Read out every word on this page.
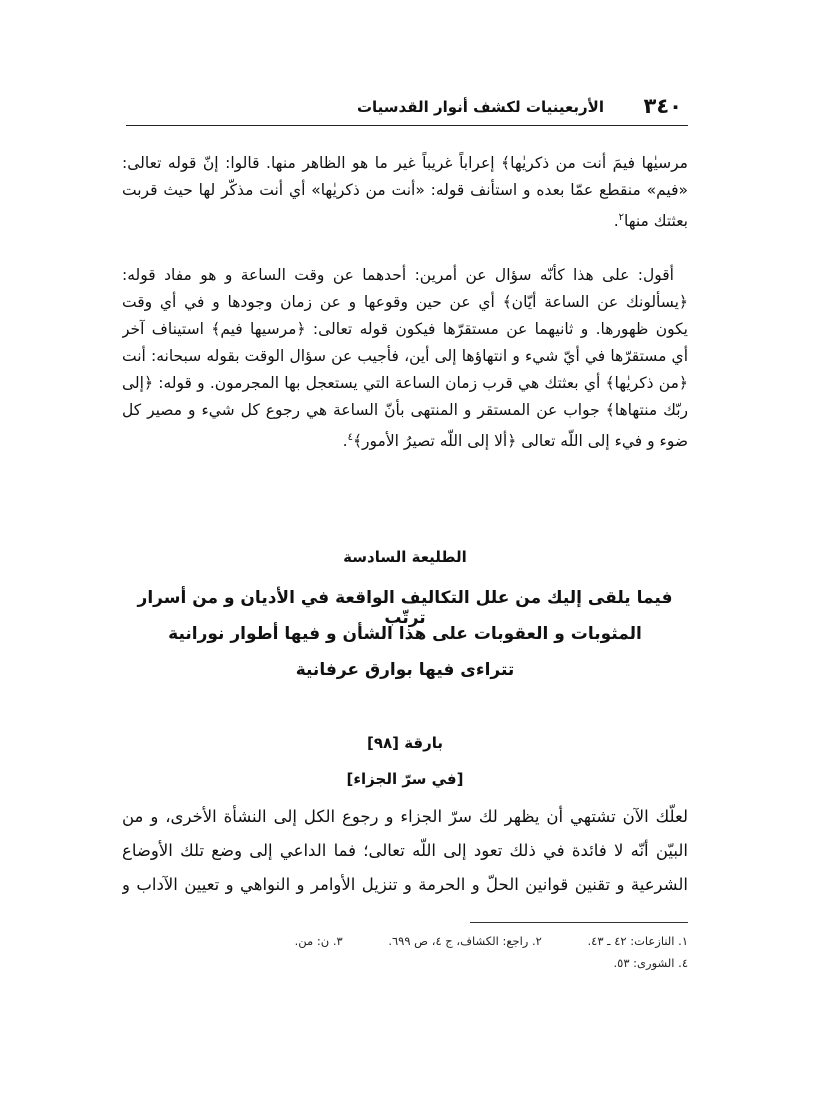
٣٤٠
الأربعينيات لكشف أنوار القدسيات
مرسيٰها فيمَ أنت من ذكريٰها﴾ إعراباً غريباً غير ما هو الظاهر منها. قالوا: إنّ قوله تعالى:
«فيم» منقطع عمّا بعده و استأنف قوله: «أنت من ذكريٰها» أي أنت مذكّر لها حيث قربت
بعثتك منها$^٢$.
أقول: على هذا كأنّه سؤال عن أمرين: أحدهما عن وقت الساعة و هو مفاد قوله:
﴿يسألونك عن الساعة أيّان﴾ أي عن حين وقوعها و عن زمان وجودها و في أي وقت
يكون ظهورها. و ثانيهما عن مستقرّها فيكون قوله تعالى: ﴿مرسيها فيم﴾ استيناف آخر
أي مستقرّها في أيّ شيء و انتهاؤها إلى أين، فأجيب عن سؤال الوقت بقوله سبحانه: أنت
﴿من ذكريٰها﴾ أي بعثتك هي قرب زمان الساعة التي يستعجل بها المجرمون. و قوله: ﴿إلى
ربّك منتهاها﴾ جواب عن المستقر و المنتهى بأنّ الساعة هي رجوع كل شيء و مصير كل
ضوء و فيء إلى اللّه تعالى ﴿ألا إلى اللّه تصيرُ الأمور﴾$^٤$.
الطليعة السادسة
فيما يلقى إليك من علل التكاليف الواقعة في الأديان و من أسرار ترتّب
المثوبات و العقوبات على هذا الشأن و فيها أطوار نورانية
تتراءى فيها بوارق عرفانية
بارقة [٩٨]
[في سرّ الجزاء]
لعلّك الآن تشتهي أن يظهر لك سرّ الجزاء و رجوع الكل إلى النشأة الأخرى، و من
البيّن أنّه لا فائدة في ذلك تعود إلى اللّه تعالى؛ فما الداعي إلى وضع تلك الأوضاع
الشرعية و تقنين قوانين الحلّ و الحرمة و تنزيل الأوامر و النواهي و تعيين الآداب و
١. النازعات: ٤٢ ـ ٤٣. ٢. راجع: الكشاف، ج ٤، ص ٦٩٩. ٣. ن: من.
٤. الشورى: ٥٣.
